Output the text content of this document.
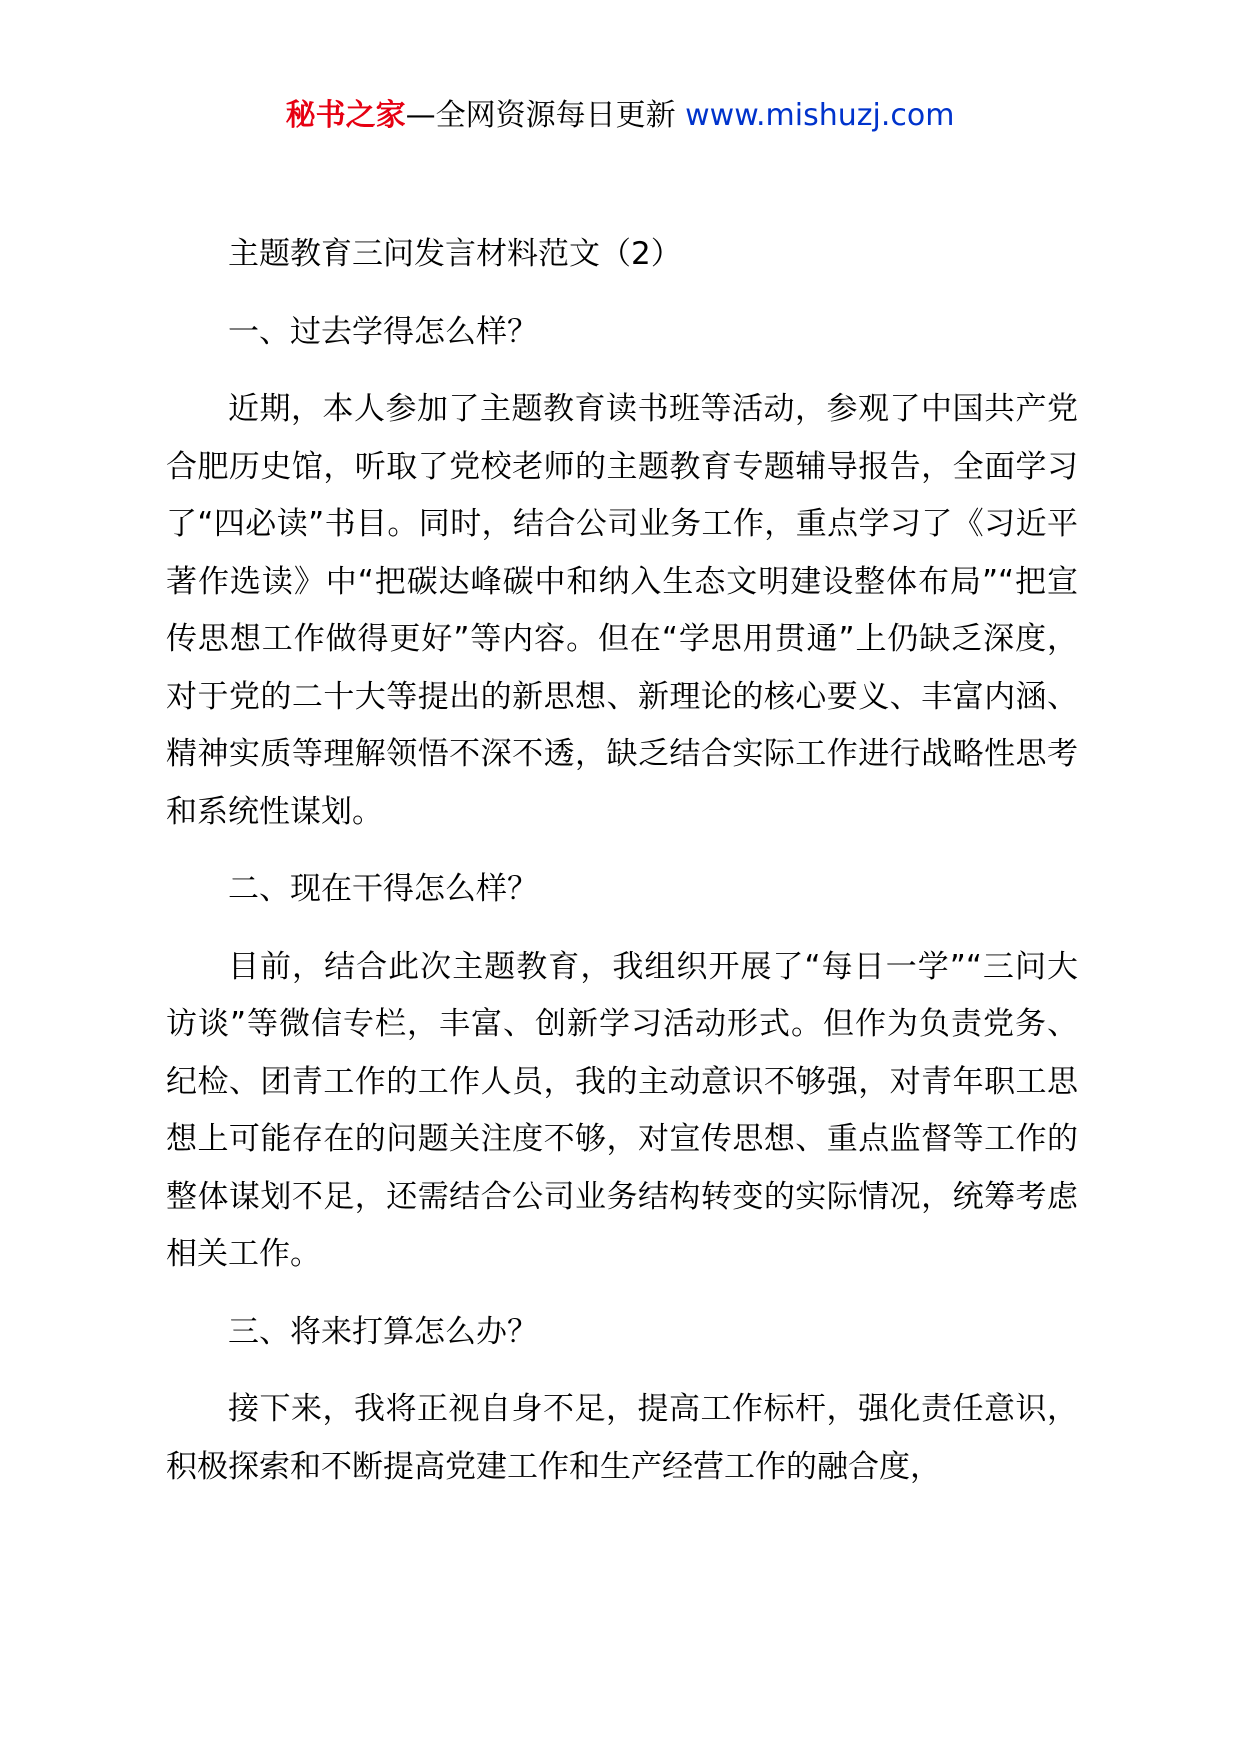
秘书之家—全网资源每日更新 www.mishuzj.com

主题教育三问发言材料范文（2）

一、过去学得怎么样？

近期，本人参加了主题教育读书班等活动，参观了中国共产党合肥历史馆，听取了党校老师的主题教育专题辅导报告，全面学习了“四必读”书目。同时，结合公司业务工作，重点学习了《习近平著作选读》中“把碳达峰碳中和纳入生态文明建设整体布局”“把宣传思想工作做得更好”等内容。但在“学思用贯通”上仍缺乏深度，对于党的二十大等提出的新思想、新理论的核心要义、丰富内涵、精神实质等理解领悟不深不透，缺乏结合实际工作进行战略性思考和系统性谋划。

二、现在干得怎么样？

目前，结合此次主题教育，我组织开展了“每日一学”“三问大访谈”等微信专栏，丰富、创新学习活动形式。但作为负责党务、纪检、团青工作的工作人员，我的主动意识不够强，对青年职工思想上可能存在的问题关注度不够，对宣传思想、重点监督等工作的整体谋划不足，还需结合公司业务结构转变的实际情况，统筹考虑相关工作。

三、将来打算怎么办？

接下来，我将正视自身不足，提高工作标杆，强化责任意识，积极探索和不断提高党建工作和生产经营工作的融合度，
